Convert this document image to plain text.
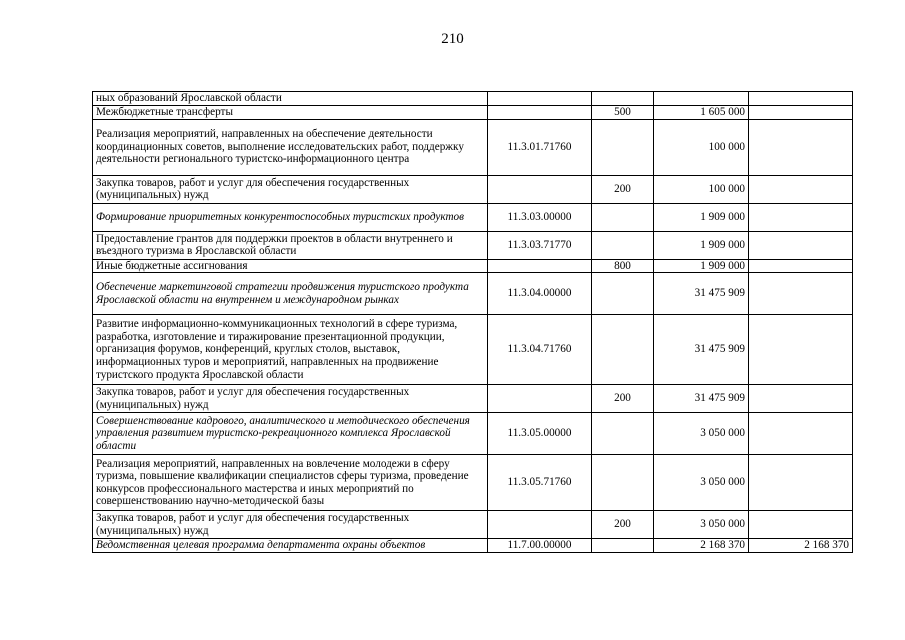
210
ных образований Ярославской области				
Межбюджетные трансферты		500	1 605 000	
Реализация мероприятий, направленных на обеспечение деятельности координационных советов, выполнение исследовательских работ, поддержку деятельности регионального туристско-информационного центра	11.3.01.71760		100 000	
Закупка товаров, работ и услуг для обеспечения государственных (муниципальных) нужд		200	100 000	
Формирование приоритетных конкурентоспособных туристских продуктов	11.3.03.00000		1 909 000	
Предоставление грантов для поддержки проектов в области внутреннего и въездного туризма в Ярославской области	11.3.03.71770		1 909 000	
Иные бюджетные ассигнования		800	1 909 000	
Обеспечение маркетинговой стратегии продвижения туристского продукта Ярославской области на внутреннем и международном рынках	11.3.04.00000		31 475 909	
Развитие информационно-коммуникационных технологий в сфере туризма, разработка, изготовление и тиражирование презентационной продукции, организация форумов, конференций, круглых столов, выставок, информационных туров и мероприятий, направленных на продвижение туристского продукта Ярославской области	11.3.04.71760		31 475 909	
Закупка товаров, работ и услуг для обеспечения государственных (муниципальных) нужд		200	31 475 909	
Совершенствование кадрового, аналитического и методического обеспечения управления развитием туристско-рекреационного комплекса Ярославской области	11.3.05.00000		3 050 000	
Реализация мероприятий, направленных на вовлечение молодежи в сферу туризма, повышение квалификации специалистов сферы туризма, проведение конкурсов профессионального мастерства и иных мероприятий по совершенствованию научно-методической базы	11.3.05.71760		3 050 000	
Закупка товаров, работ и услуг для обеспечения государственных (муниципальных) нужд		200	3 050 000	
Ведомственная целевая программа департамента охраны объектов	11.7.00.00000		2 168 370	2 168 370
